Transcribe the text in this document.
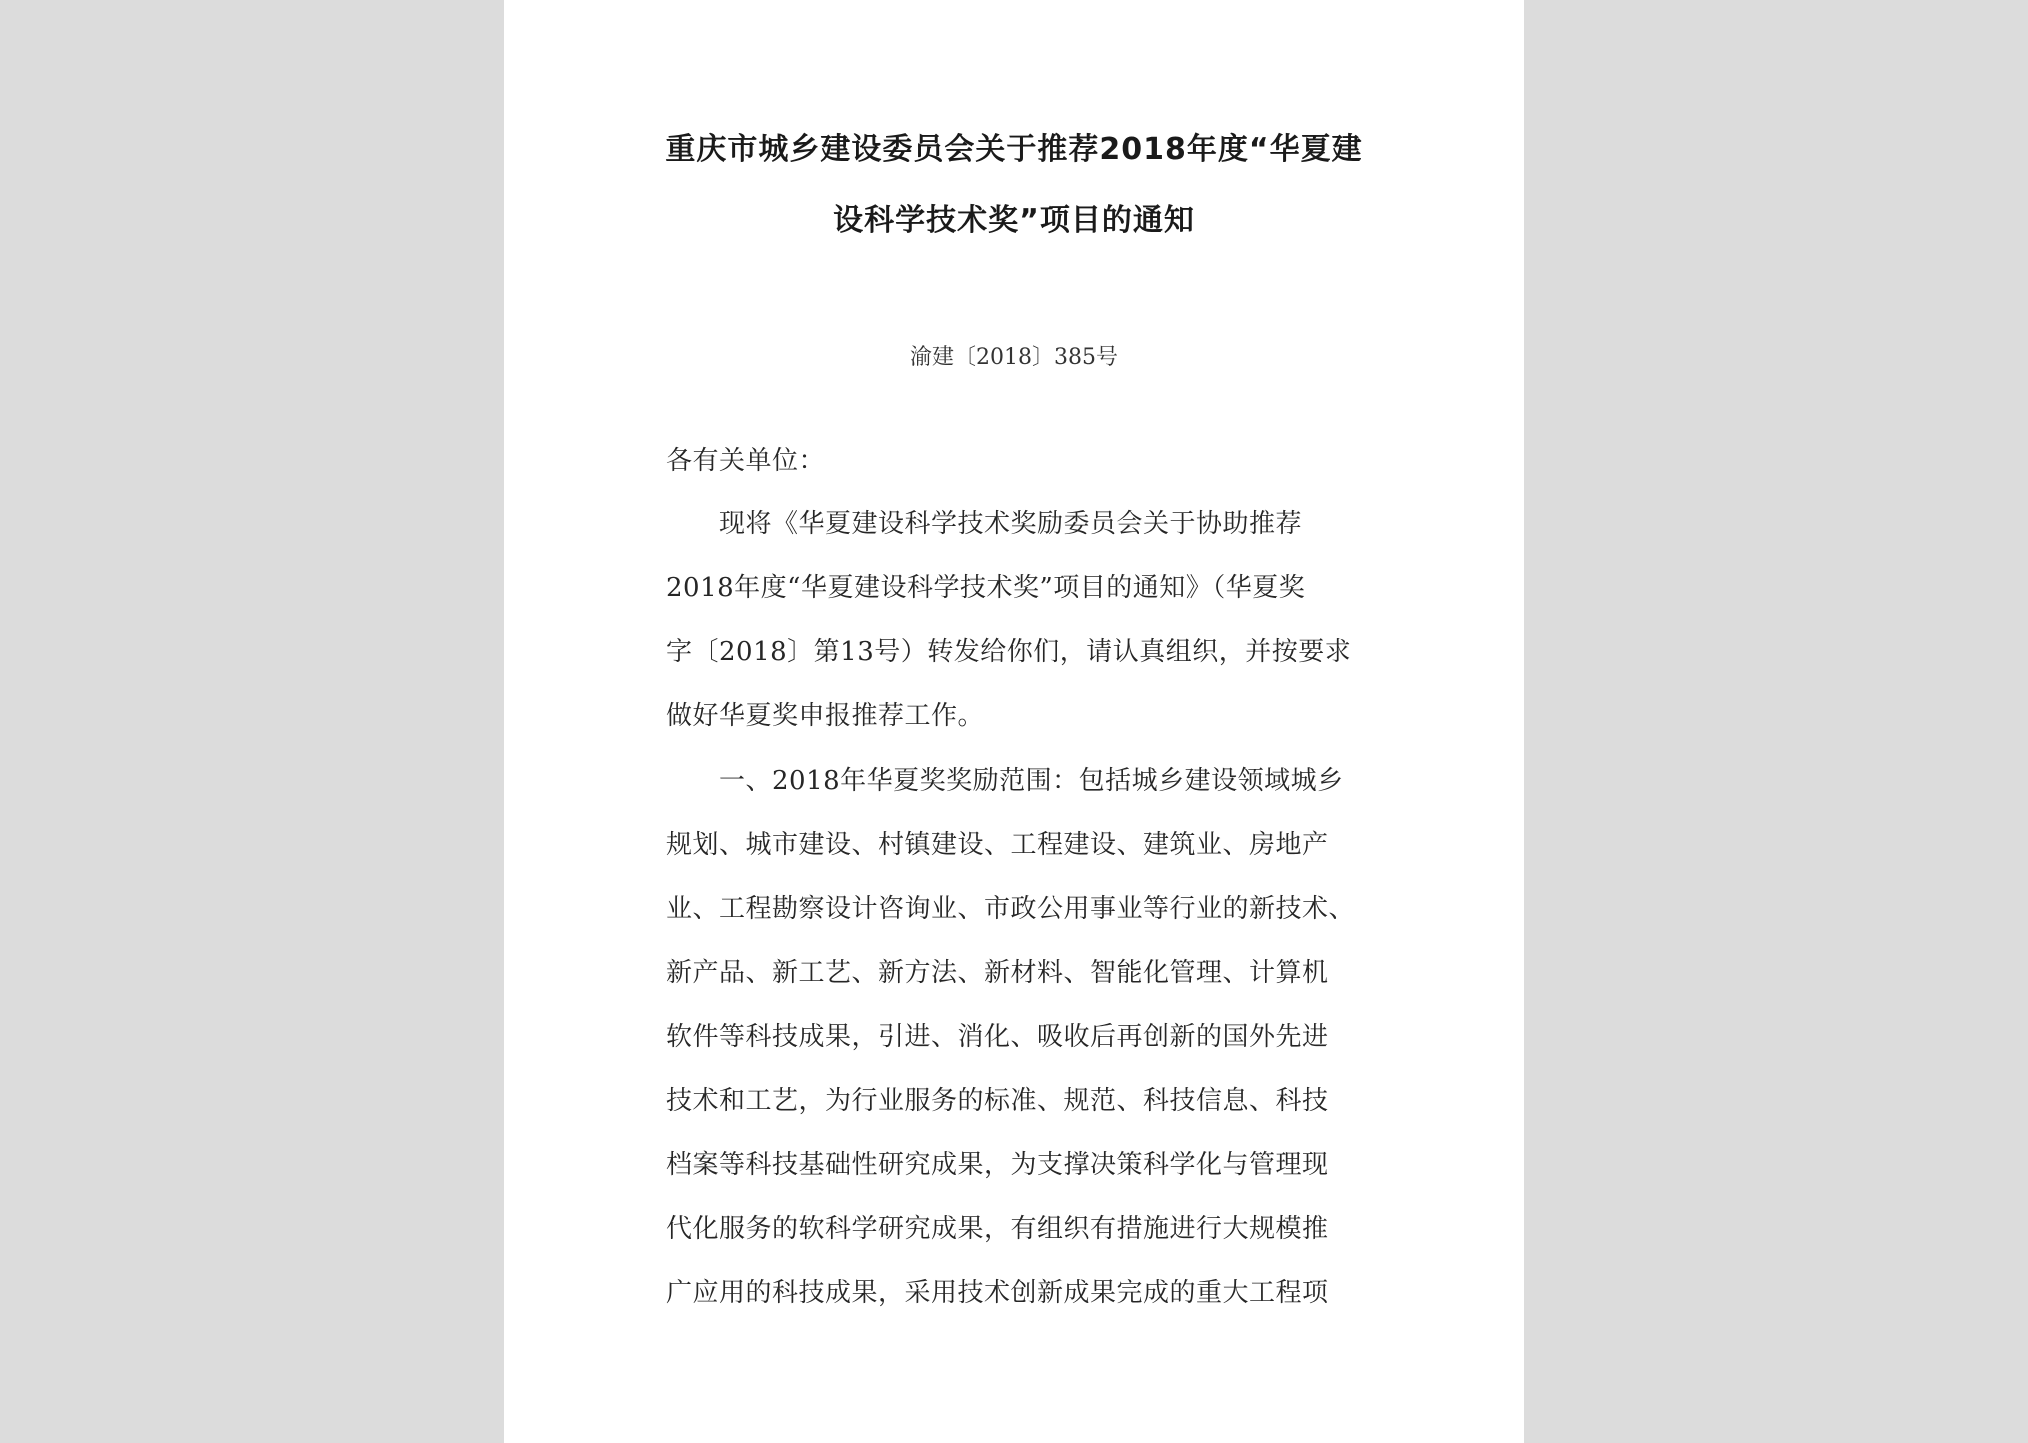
重庆市城乡建设委员会关于推荐2018年度“华夏建
设科学技术奖”项目的通知
渝建〔2018〕385号
各有关单位：
现将《华夏建设科学技术奖励委员会关于协助推荐
2018年度“华夏建设科学技术奖”项目的通知》（华夏奖
字〔2018〕第13号）转发给你们，请认真组织，并按要求
做好华夏奖申报推荐工作。
一、2018年华夏奖奖励范围：包括城乡建设领域城乡
规划、城市建设、村镇建设、工程建设、建筑业、房地产
业、工程勘察设计咨询业、市政公用事业等行业的新技术、
新产品、新工艺、新方法、新材料、智能化管理、计算机
软件等科技成果，引进、消化、吸收后再创新的国外先进
技术和工艺，为行业服务的标准、规范、科技信息、科技
档案等科技基础性研究成果，为支撑决策科学化与管理现
代化服务的软科学研究成果，有组织有措施进行大规模推
广应用的科技成果，采用技术创新成果完成的重大工程项
